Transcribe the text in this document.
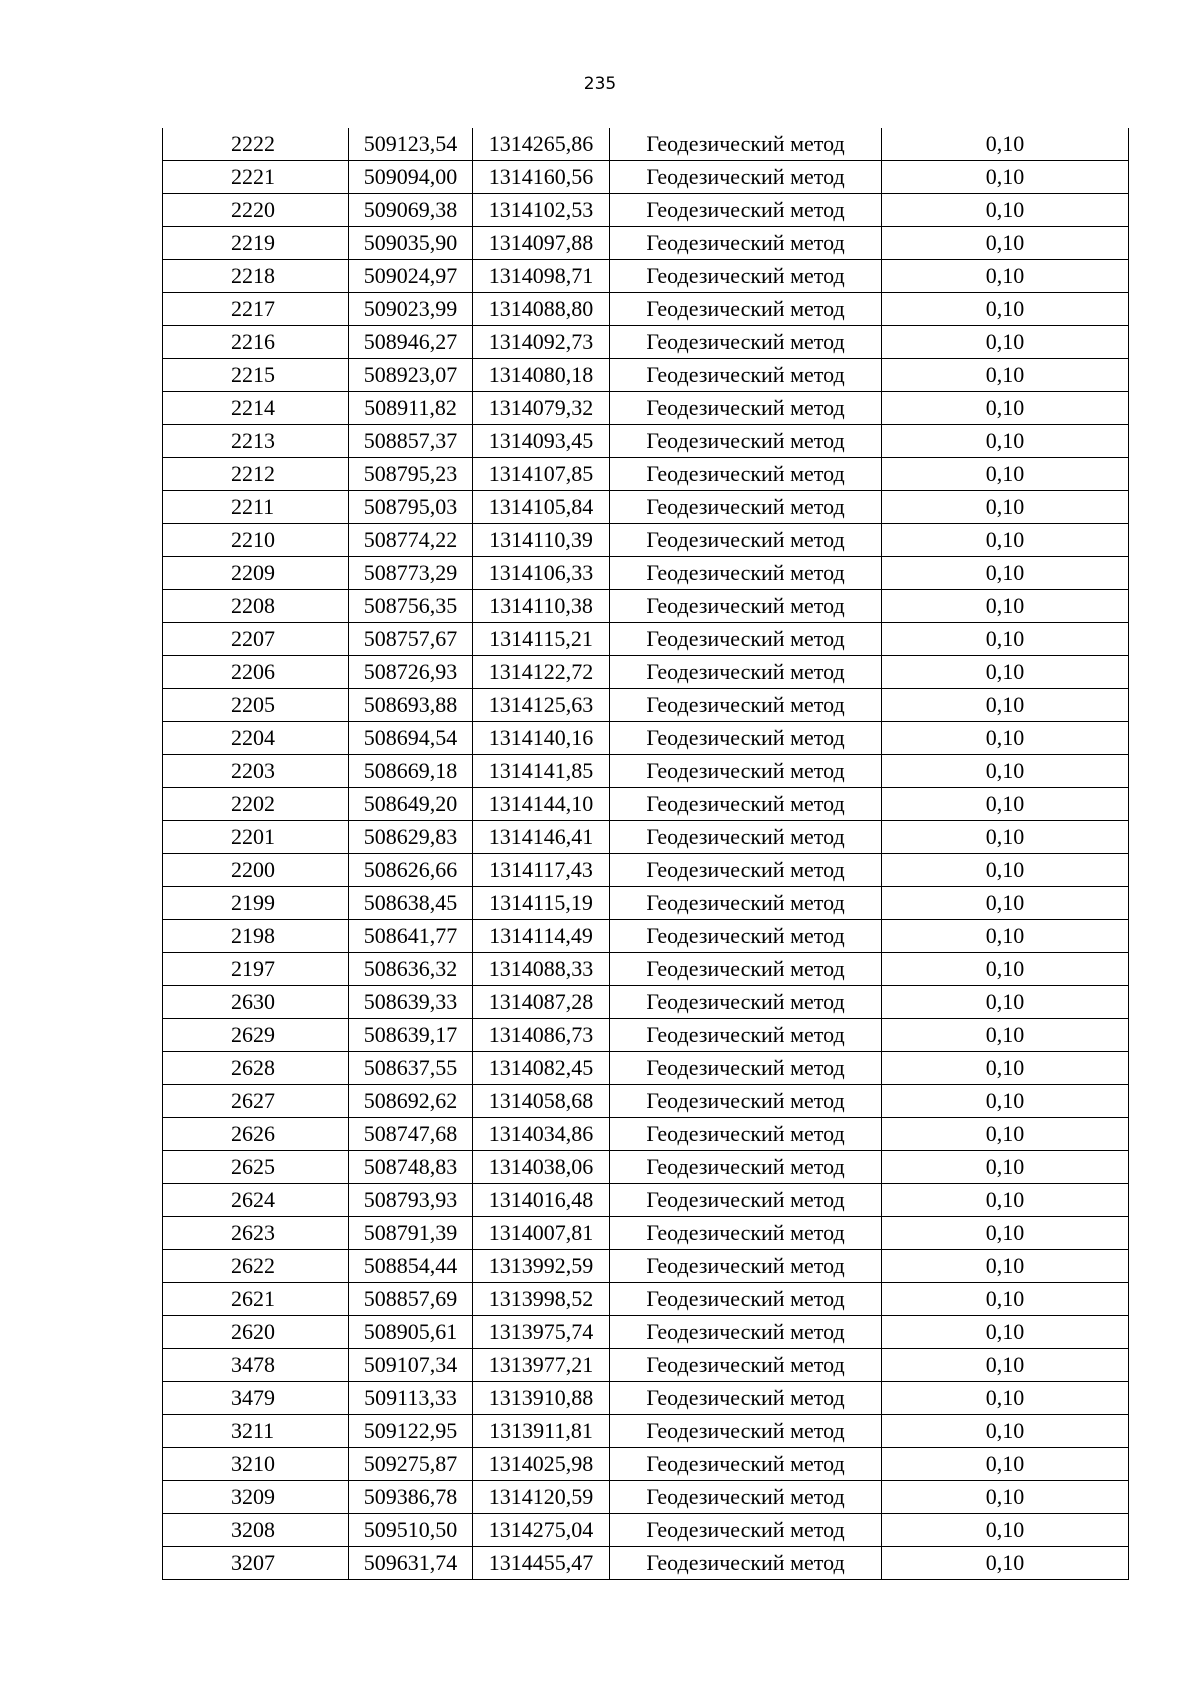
235
2222	509123,54	1314265,86	Геодезический метод	0,10
2221	509094,00	1314160,56	Геодезический метод	0,10
2220	509069,38	1314102,53	Геодезический метод	0,10
2219	509035,90	1314097,88	Геодезический метод	0,10
2218	509024,97	1314098,71	Геодезический метод	0,10
2217	509023,99	1314088,80	Геодезический метод	0,10
2216	508946,27	1314092,73	Геодезический метод	0,10
2215	508923,07	1314080,18	Геодезический метод	0,10
2214	508911,82	1314079,32	Геодезический метод	0,10
2213	508857,37	1314093,45	Геодезический метод	0,10
2212	508795,23	1314107,85	Геодезический метод	0,10
2211	508795,03	1314105,84	Геодезический метод	0,10
2210	508774,22	1314110,39	Геодезический метод	0,10
2209	508773,29	1314106,33	Геодезический метод	0,10
2208	508756,35	1314110,38	Геодезический метод	0,10
2207	508757,67	1314115,21	Геодезический метод	0,10
2206	508726,93	1314122,72	Геодезический метод	0,10
2205	508693,88	1314125,63	Геодезический метод	0,10
2204	508694,54	1314140,16	Геодезический метод	0,10
2203	508669,18	1314141,85	Геодезический метод	0,10
2202	508649,20	1314144,10	Геодезический метод	0,10
2201	508629,83	1314146,41	Геодезический метод	0,10
2200	508626,66	1314117,43	Геодезический метод	0,10
2199	508638,45	1314115,19	Геодезический метод	0,10
2198	508641,77	1314114,49	Геодезический метод	0,10
2197	508636,32	1314088,33	Геодезический метод	0,10
2630	508639,33	1314087,28	Геодезический метод	0,10
2629	508639,17	1314086,73	Геодезический метод	0,10
2628	508637,55	1314082,45	Геодезический метод	0,10
2627	508692,62	1314058,68	Геодезический метод	0,10
2626	508747,68	1314034,86	Геодезический метод	0,10
2625	508748,83	1314038,06	Геодезический метод	0,10
2624	508793,93	1314016,48	Геодезический метод	0,10
2623	508791,39	1314007,81	Геодезический метод	0,10
2622	508854,44	1313992,59	Геодезический метод	0,10
2621	508857,69	1313998,52	Геодезический метод	0,10
2620	508905,61	1313975,74	Геодезический метод	0,10
3478	509107,34	1313977,21	Геодезический метод	0,10
3479	509113,33	1313910,88	Геодезический метод	0,10
3211	509122,95	1313911,81	Геодезический метод	0,10
3210	509275,87	1314025,98	Геодезический метод	0,10
3209	509386,78	1314120,59	Геодезический метод	0,10
3208	509510,50	1314275,04	Геодезический метод	0,10
3207	509631,74	1314455,47	Геодезический метод	0,10
